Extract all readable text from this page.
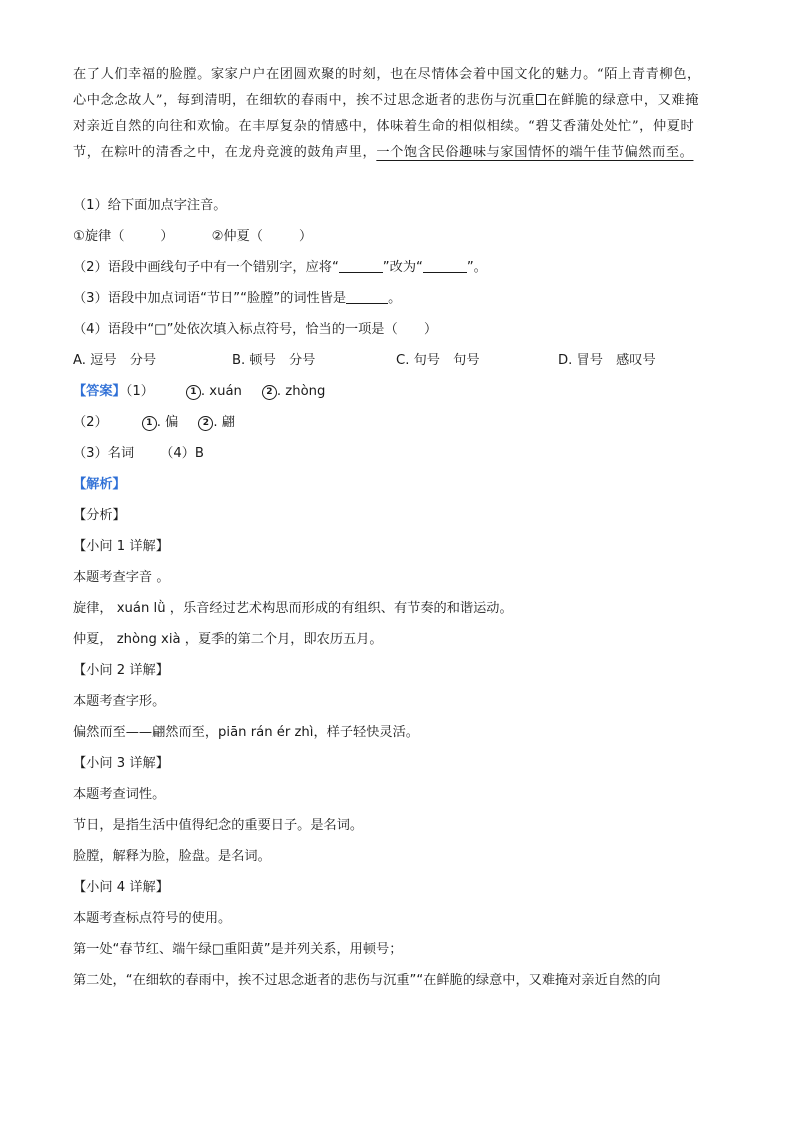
在了人们幸福的脸膛。家家户户在团圆欢聚的时刻，也在尽情体会着中国文化的魅力。“陌上青青柳色，
心中念念故人”，每到清明，在细软的春雨中，挨不过思念逝者的悲伤与沉重 在鲜脆的绿意中，又难掩
对亲近自然的向往和欢愉。在丰厚复杂的情感中，体味着生命的相似相续。“碧艾香蒲处处忙”，仲夏时
节，在粽叶的清香之中，在龙舟竞渡的鼓角声里，一个饱含民俗趣味与家国情怀的端午佳节偏然而至。
（1）给下面加点字注音。
①旋律（	）	②仲夏（	）
（2）语段中画线句子中有一个错别字，应将“	”改为“	”。
（3）语段中加点词语“节日”“脸膛”的词性皆是	。
（4）语段中“□”处依次填入标点符号，恰当的一项是（　　）
A. 逗号　分号	B. 顿号　分号	C. 句号　句号	D. 冒号　感叹号
【答案】（1）	1 . xuán	2 . zhòng
（2）	1 . 偏	2 . 翩
（3）名词 （4）B
【解析】
【分析】
【小问 1 详解】
本题考查字音 。
旋律， xuán lǜ ，乐音经过艺术构思而形成的有组织、有节奏的和谐运动。
仲夏， zhòng xià ，夏季的第二个月，即农历五月。
【小问 2 详解】
本题考查字形。
偏然而至——翩然而至，piān rán ér zhì，样子轻快灵活。
【小问 3 详解】
本题考查词性。
节日，是指生活中值得纪念的重要日子。是名词。
脸膛，解释为脸，脸盘。是名词。
【小问 4 详解】
本题考查标点符号的使用。
第一处“春节红、端午绿□重阳黄”是并列关系，用顿号；
第二处，“在细软的春雨中，挨不过思念逝者的悲伤与沉重”“在鲜脆的绿意中，又难掩对亲近自然的向
